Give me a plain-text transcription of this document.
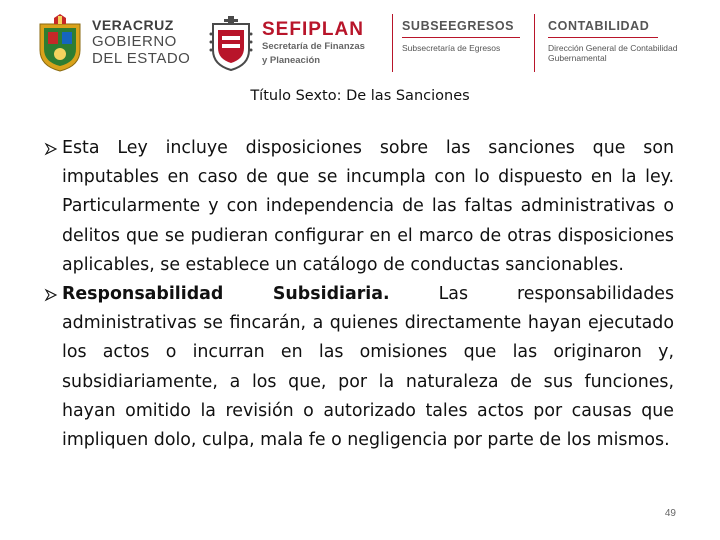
VERACRUZ
GOBIERNO
DEL ESTADO
SEFIPLAN
Secretaría de Finanzas
y Planeación
SUBSEEGRESOS
Subsecretaría de Egresos
CONTABILIDAD
Dirección General de Contabilidad Gubernamental
Título Sexto: De las Sanciones

Esta Ley incluye disposiciones sobre las sanciones que son imputables en caso de que se incumpla con lo dispuesto en la ley. Particularmente y con independencia de las faltas administrativas o delitos que se pudieran configurar en el marco de otras disposiciones aplicables, se establece un catálogo de conductas sancionables.

Responsabilidad Subsidiaria. Las responsabilidades administrativas se fincarán, a quienes directamente hayan ejecutado los actos o incurran en las omisiones que las originaron y, subsidiariamente, a los que, por la naturaleza de sus funciones, hayan omitido la revisión o autorizado tales actos por causas que impliquen dolo, culpa, mala fe o negligencia por parte de los mismos.

49
